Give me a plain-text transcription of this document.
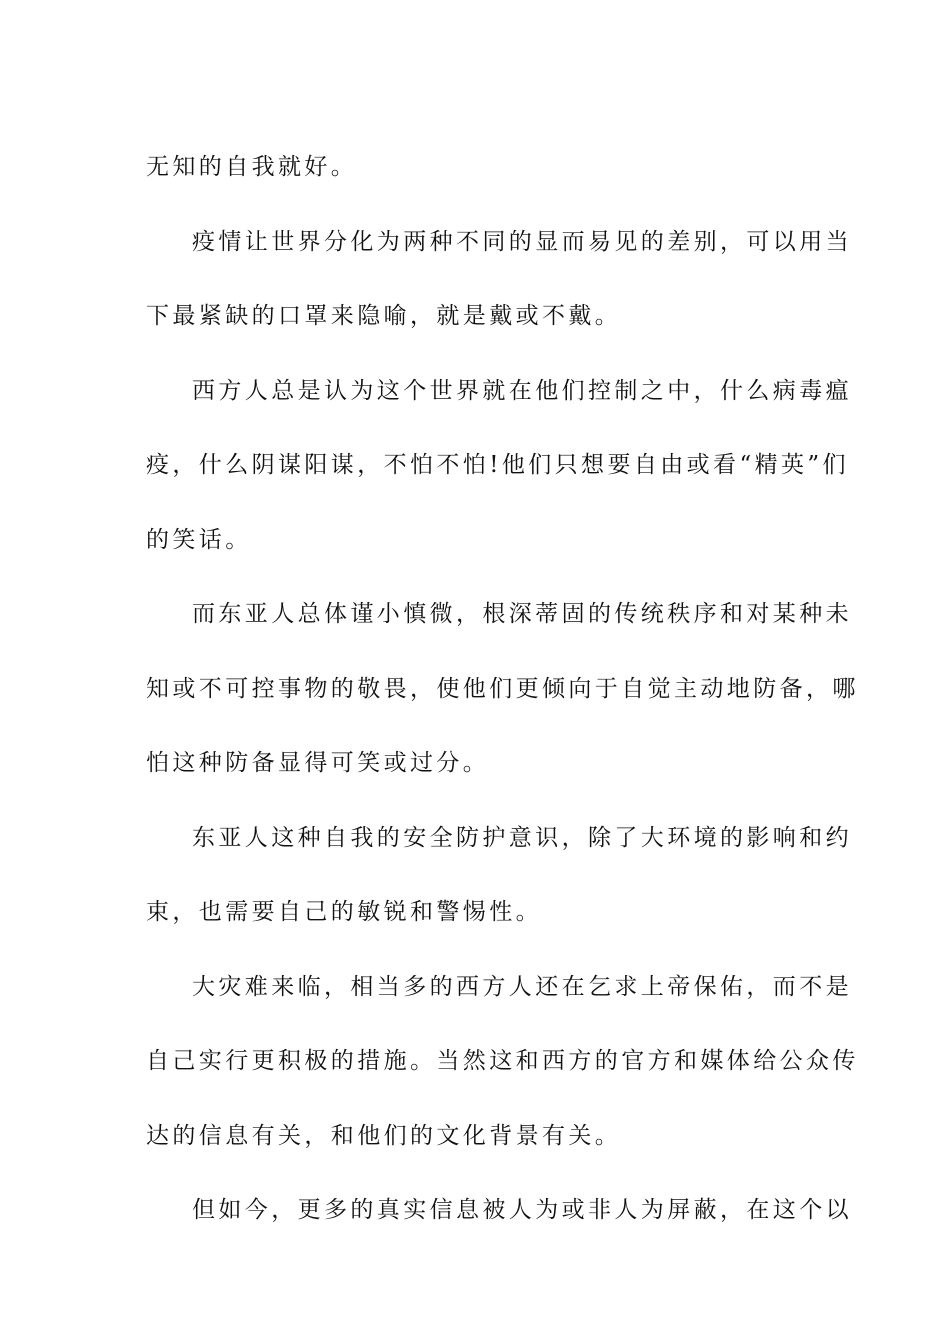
无知的自我就好。

疫情让世界分化为两种不同的显而易见的差别，可以用当
下最紧缺的口罩来隐喻，就是戴或不戴。

西方人总是认为这个世界就在他们控制之中，什么病毒瘟
疫，什么阴谋阳谋，不怕不怕!他们只想要自由或看“精英”们
的笑话。

而东亚人总体谨小慎微，根深蒂固的传统秩序和对某种未
知或不可控事物的敬畏，使他们更倾向于自觉主动地防备，哪
怕这种防备显得可笑或过分。

东亚人这种自我的安全防护意识，除了大环境的影响和约
束，也需要自己的敏锐和警惕性。

大灾难来临，相当多的西方人还在乞求上帝保佑，而不是
自己实行更积极的措施。当然这和西方的官方和媒体给公众传
达的信息有关，和他们的文化背景有关。

但如今，更多的真实信息被人为或非人为屏蔽，在这个以
